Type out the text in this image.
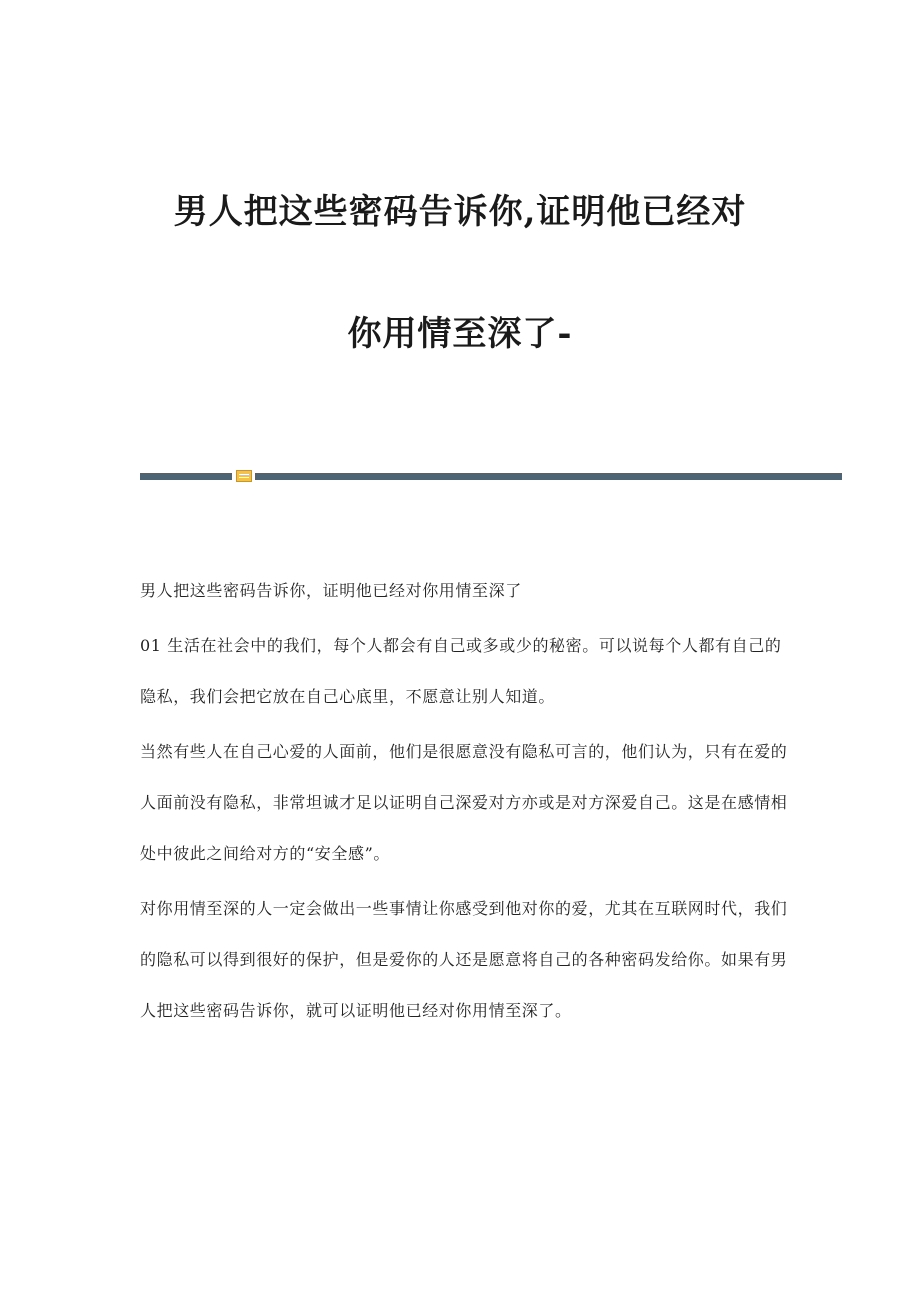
男人把这些密码告诉你,证明他已经对
你用情至深了-

男人把这些密码告诉你，证明他已经对你用情至深了

01 生活在社会中的我们，每个人都会有自己或多或少的秘密。可以说每个人都有自己的隐私，我们会把它放在自己心底里，不愿意让别人知道。

当然有些人在自己心爱的人面前，他们是很愿意没有隐私可言的，他们认为，只有在爱的人面前没有隐私，非常坦诚才足以证明自己深爱对方亦或是对方深爱自己。这是在感情相处中彼此之间给对方的“安全感”。

对你用情至深的人一定会做出一些事情让你感受到他对你的爱，尤其在互联网时代，我们的隐私可以得到很好的保护，但是爱你的人还是愿意将自己的各种密码发给你。如果有男人把这些密码告诉你，就可以证明他已经对你用情至深了。
